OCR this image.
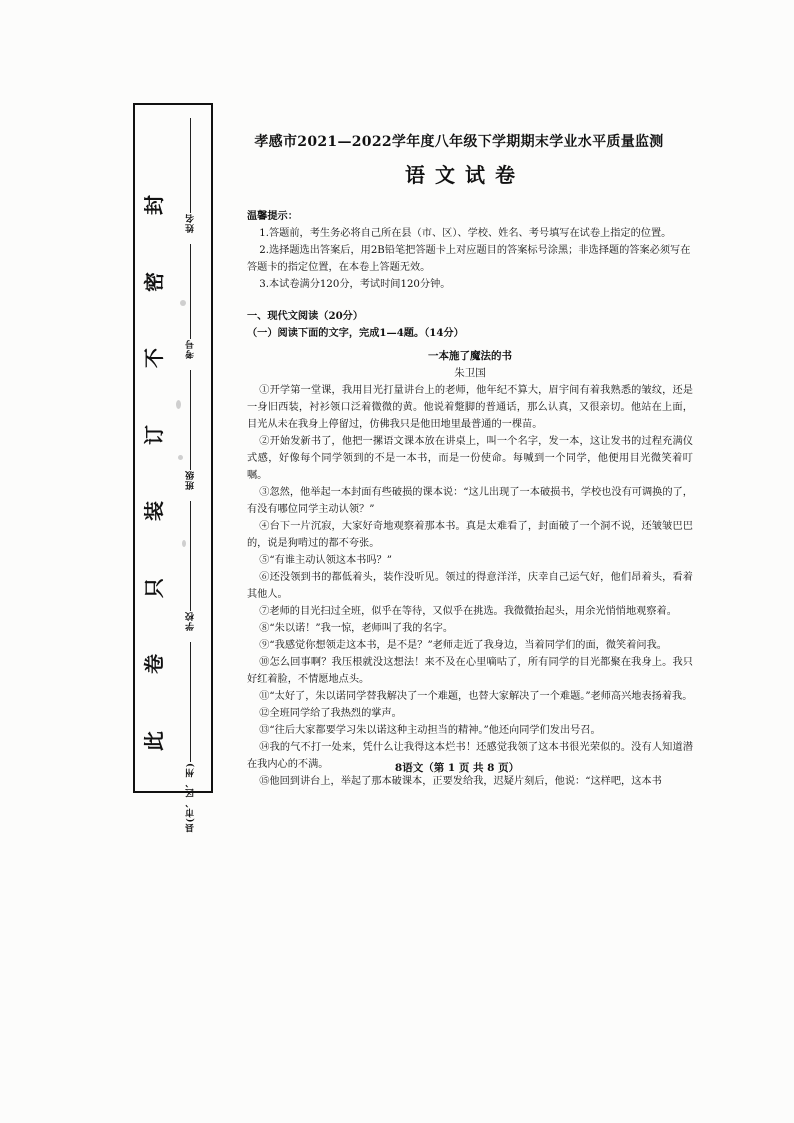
封
密
不
订
装
只
卷
此
姓名
考号
班级
学校
县(市、区、州)
孝感市2021—2022学年度八年级下学期期末学业水平质量监测
语文试卷
温馨提示：
1.答题前，考生务必将自己所在县（市、区）、学校、姓名、考号填写在试卷上指定的位置。
2.选择题选出答案后，用2B铅笔把答题卡上对应题目的答案标号涂黑；非选择题的答案必须写在答题卡的指定位置，在本卷上答题无效。
3.本试卷满分120分，考试时间120分钟。
一、现代文阅读（20分）
（一）阅读下面的文字，完成1—4题。（14分）
一本施了魔法的书
朱卫国
①开学第一堂课，我用目光打量讲台上的老师，他年纪不算大，眉宇间有着我熟悉的皱纹，还是一身旧西装，衬衫领口泛着微微的黄。他说着蹩脚的普通话，那么认真，又很亲切。他站在上面，目光从未在我身上停留过，仿佛我只是他田地里最普通的一棵苗。
②开始发新书了，他把一摞语文课本放在讲桌上，叫一个名字，发一本，这让发书的过程充满仪式感，好像每个同学领到的不是一本书，而是一份使命。每喊到一个同学，他便用目光微笑着叮嘱。
③忽然，他举起一本封面有些破损的课本说：“这儿出现了一本破损书，学校也没有可调换的了，有没有哪位同学主动认领？”
④台下一片沉寂，大家好奇地观察着那本书。真是太难看了，封面破了一个洞不说，还皱皱巴巴的，说是狗啃过的都不夸张。
⑤“有谁主动认领这本书吗？”
⑥还没领到书的都低着头，装作没听见。领过的得意洋洋，庆幸自己运气好，他们昂着头，看着其他人。
⑦老师的目光扫过全班，似乎在等待，又似乎在挑选。我微微抬起头，用余光悄悄地观察着。
⑧“朱以诺！”我一惊，老师叫了我的名字。
⑨“我感觉你想领走这本书，是不是？”老师走近了我身边，当着同学们的面，微笑着问我。
⑩怎么回事啊？我压根就没这想法！来不及在心里嘀咕了，所有同学的目光都聚在我身上。我只好红着脸，不情愿地点头。
⑪“太好了，朱以诺同学替我解决了一个难题，也替大家解决了一个难题。”老师高兴地表扬着我。
⑫全班同学给了我热烈的掌声。
⑬“往后大家都要学习朱以诺这种主动担当的精神。”他还向同学们发出号召。
⑭我的气不打一处来，凭什么让我得这本烂书！还感觉我领了这本书很光荣似的。没有人知道潜在我内心的不满。
⑮他回到讲台上，举起了那本破课本，正要发给我，迟疑片刻后，他说：“这样吧，这本书
8语文（第 1 页 共 8 页）
